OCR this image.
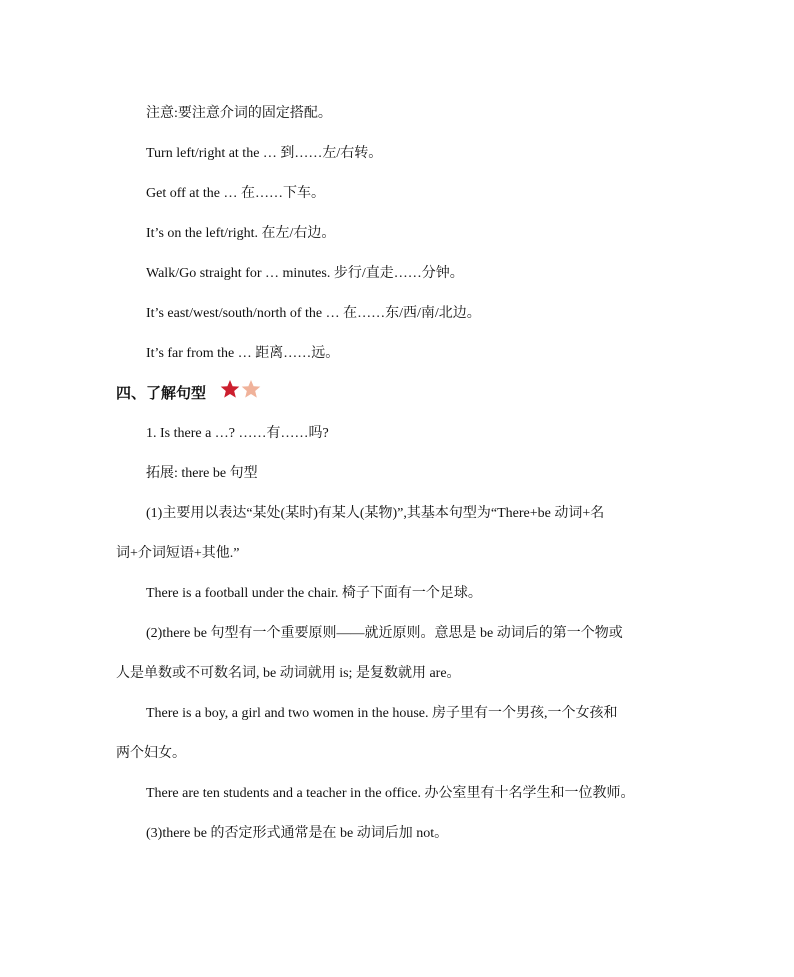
注意:要注意介词的固定搭配。
Turn left/right at the … 到……左/右转。
Get off at the … 在……下车。
It’s on the left/right. 在左/右边。
Walk/Go straight for … minutes. 步行/直走……分钟。
It’s east/west/south/north of the … 在……东/西/南/北边。
It’s far from the … 距离……远。
四、了解句型
1. Is there a …? ……有……吗?
拓展: there be 句型
(1)主要用以表达“某处(某时)有某人(某物)”,其基本句型为“There+be 动词+名
词+介词短语+其他.”
There is a football under the chair. 椅子下面有一个足球。
(2)there be 句型有一个重要原则——就近原则。意思是 be 动词后的第一个物或
人是单数或不可数名词, be 动词就用 is; 是复数就用 are。
There is a boy, a girl and two women in the house. 房子里有一个男孩,一个女孩和
两个妇女。
There are ten students and a teacher in the office. 办公室里有十名学生和一位教师。
(3)there be 的否定形式通常是在 be 动词后加 not。
